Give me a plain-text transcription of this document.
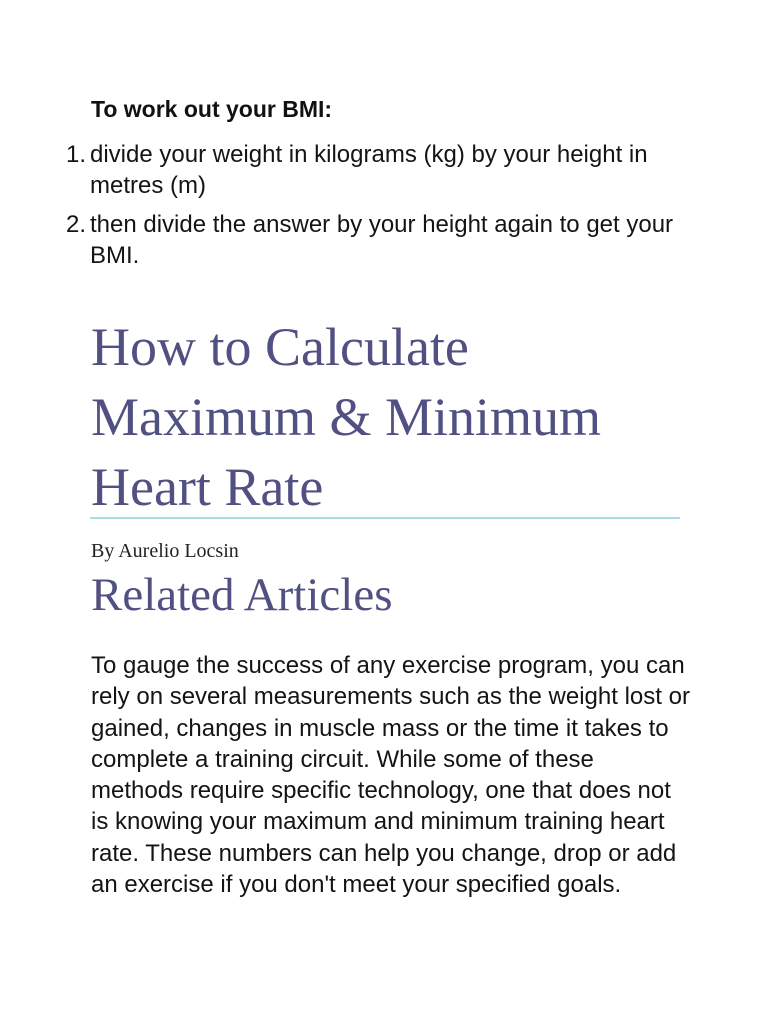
To work out your BMI:
1. divide your weight in kilograms (kg) by your height in metres (m)
2. then divide the answer by your height again to get your BMI.
How to Calculate Maximum & Minimum Heart Rate

By Aurelio Locsin

Related Articles

To gauge the success of any exercise program, you can rely on several measurements such as the weight lost or gained, changes in muscle mass or the time it takes to complete a training circuit. While some of these methods require specific technology, one that does not is knowing your maximum and minimum training heart rate. These numbers can help you change, drop or add an exercise if you don't meet your specified goals.
